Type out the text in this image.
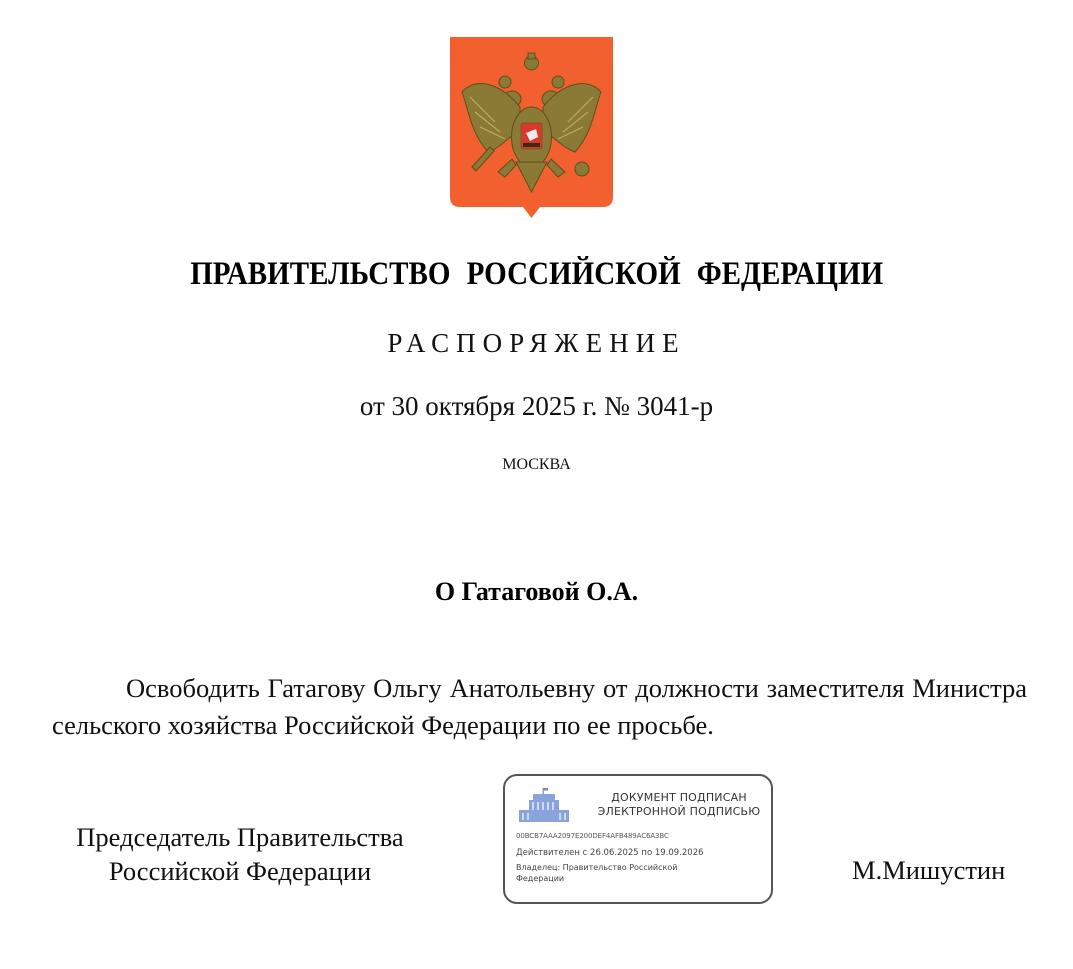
ПРАВИТЕЛЬСТВО РОССИЙСКОЙ ФЕДЕРАЦИИ
РАСПОРЯЖЕНИЕ
от 30 октября 2025 г. № 3041-р
МОСКВА
О Гатаговой О.А.
Освободить Гатагову Ольгу Анатольевну от должности заместителя Министра сельского хозяйства Российской Федерации по ее просьбе.
Председатель Правительства
Российской Федерации
ДОКУМЕНТ ПОДПИСАН
ЭЛЕКТРОННОЙ ПОДПИСЬЮ
00BCB7AAA2097E200DEF4AFB489AC6A3BC
Действителен с 26.06.2025 по 19.09.2026
Владелец: Правительство Российской
Федерации	М.Мишустин
